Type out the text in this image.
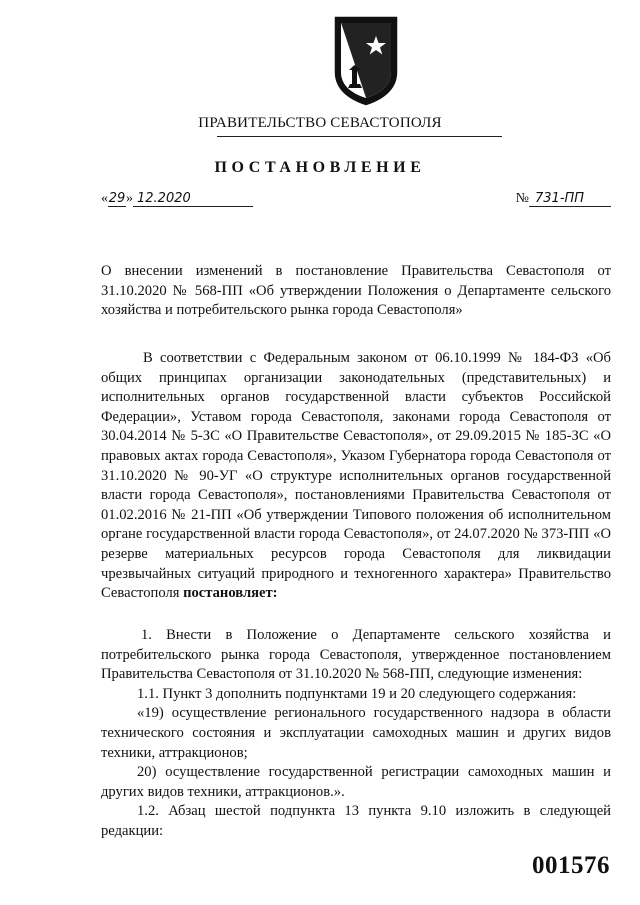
ПРАВИТЕЛЬСТВО СЕВАСТОПОЛЯ
ПОСТАНОВЛЕНИЕ
«29» 12.2020	№ 731-ПП
О внесении изменений в постановление Правительства Севастополя от 31.10.2020 № 568-ПП «Об утверждении Положения о Департаменте сельского хозяйства и потребительского рынка города Севастополя»

В соответствии с Федеральным законом от 06.10.1999 № 184-ФЗ «Об общих принципах организации законодательных (представительных) и исполнительных органов государственной власти субъектов Российской Федерации», Уставом города Севастополя, законами города Севастополя от 30.04.2014 № 5-ЗС «О Правительстве Севастополя», от 29.09.2015 № 185-ЗС «О правовых актах города Севастополя», Указом Губернатора города Севастополя от 31.10.2020 № 90-УГ «О структуре исполнительных органов государственной власти города Севастополя», постановлениями Правительства Севастополя от 01.02.2016 № 21-ПП «Об утверждении Типового положения об исполнительном органе государственной власти города Севастополя», от 24.07.2020 № 373-ПП «О резерве материальных ресурсов города Севастополя для ликвидации чрезвычайных ситуаций природного и техногенного характера» Правительство Севастополя постановляет:

1. Внести в Положение о Департаменте сельского хозяйства и потребительского рынка города Севастополя, утвержденное постановлением Правительства Севастополя от 31.10.2020 № 568-ПП, следующие изменения:

1.1. Пункт 3 дополнить подпунктами 19 и 20 следующего содержания:

«19) осуществление регионального государственного надзора в области технического состояния и эксплуатации самоходных машин и других видов техники, аттракционов;

20) осуществление государственной регистрации самоходных машин и других видов техники, аттракционов.».

1.2. Абзац шестой подпункта 13 пункта 9.10 изложить в следующей редакции:

001576
